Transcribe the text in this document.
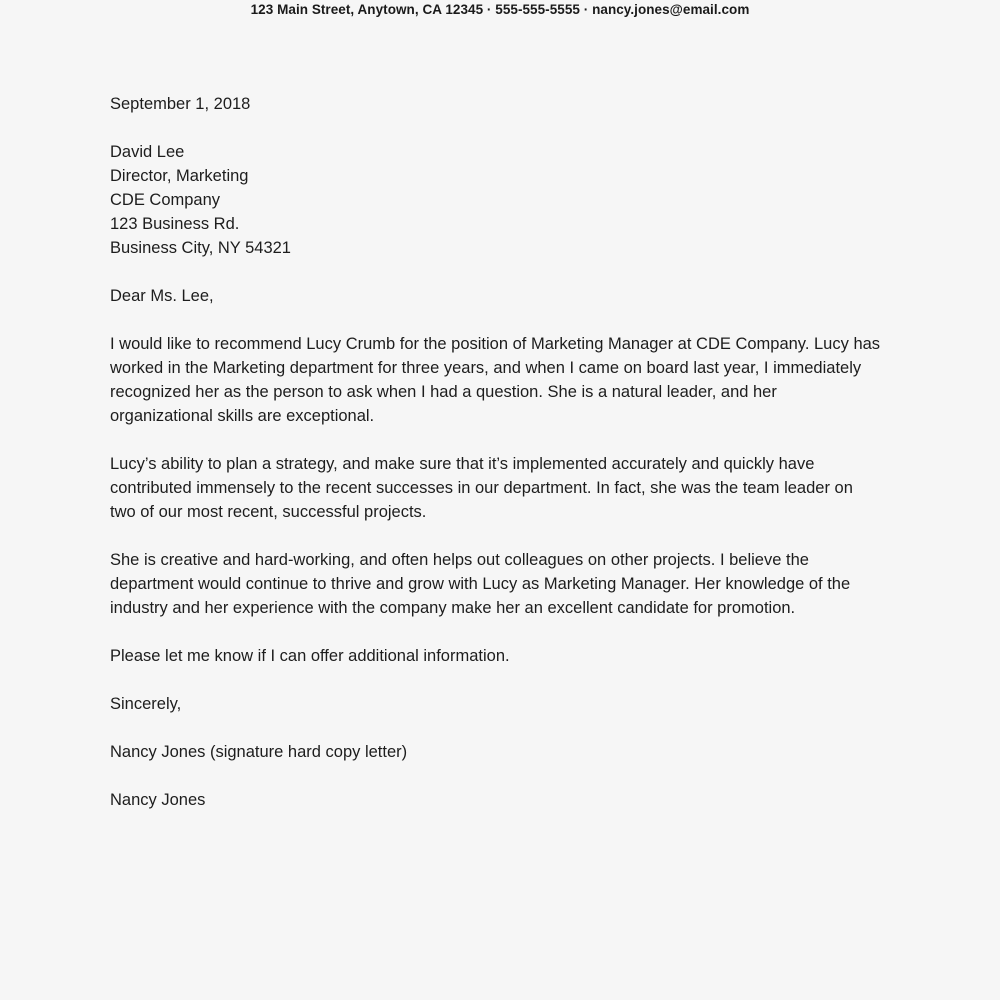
123 Main Street, Anytown, CA 12345 · 555-555-5555 · nancy.jones@email.com
September 1, 2018
David Lee
Director, Marketing
CDE Company
123 Business Rd.
Business City, NY 54321
Dear Ms. Lee,

I would like to recommend Lucy Crumb for the position of Marketing Manager at CDE Company. Lucy has worked in the Marketing department for three years, and when I came on board last year, I immediately recognized her as the person to ask when I had a question. She is a natural leader, and her organizational skills are exceptional.

Lucy’s ability to plan a strategy, and make sure that it’s implemented accurately and quickly have contributed immensely to the recent successes in our department. In fact, she was the team leader on two of our most recent, successful projects.

She is creative and hard-working, and often helps out colleagues on other projects. I believe the department would continue to thrive and grow with Lucy as Marketing Manager. Her knowledge of the industry and her experience with the company make her an excellent candidate for promotion.

Please let me know if I can offer additional information.

Sincerely,
Nancy Jones (signature hard copy letter)
Nancy Jones
